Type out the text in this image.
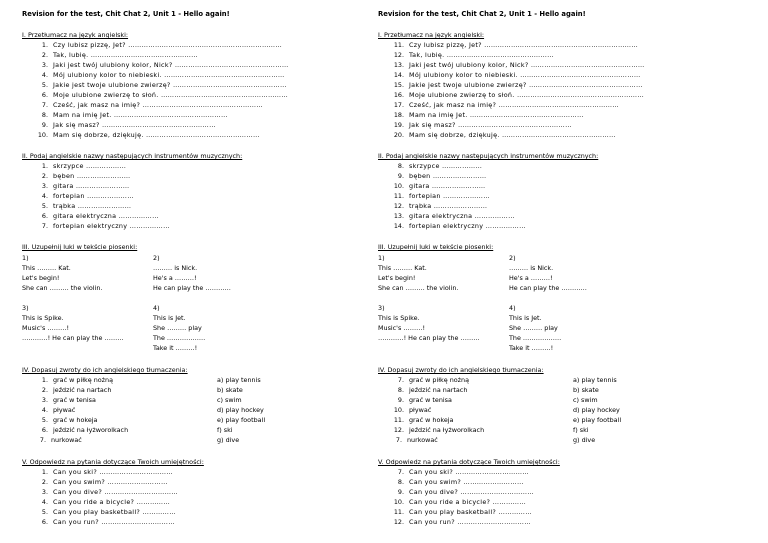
Revision for the test, Chit Chat 2, Unit 1 - Hello again!
I. Przetłumacz na język angielski:
1. Czy lubisz pizzę, Jet? ……………………………………………………………
2. Tak, lubię. …………………………………………
3. Jaki jest twój ulubiony kolor, Nick? ……………………………………………
4. Mój ulubiony kolor to niebieski. ………………………………………………
5. Jakie jest twoje ulubione zwierzę? ……………………………………………
6. Moje ulubione zwierzę to słoń. …………………………………………………
7. Cześć, jak masz na imię? ………………………………………………
8. Mam na imię Jet. ……………………………………………
9. Jak się masz? ……………………………………………
10. Mam się dobrze, dziękuję. ……………………………………………
II. Podaj angielskie nazwy następujących instrumentów muzycznych:
1. skrzypce ………………
2. bęben ……………………
3. gitara ……………………
4. fortepian …………………
5. trąbka ……………………
6. gitara elektryczna ………………
7. fortepian elektryczny ………………
III. Uzupełnij luki w tekście piosenki:
1)
This ……… Kat.
Let's begin!
She can ……… the violin.
2)
……… is Nick.
He's a ………!
He can play the …………
3)
This is Spike.
Music's ………!
…………! He can play the ………
4)
This is Jet.
She ……… play
The ………………
Take it ………!
IV. Dopasuj zwroty do ich angielskiego tłumaczenia:
1. grać w piłkę nożną
2. jeździć na nartach
3. grać w tenisa
4. pływać
5. grać w hokeja
6. jeździć na łyżworolkach
7. nurkować
a) play tennis
b) skate
c) swim
d) play hockey
e) play football
f) ski
g) dive
V. Odpowiedz na pytania dotyczące Twoich umiejętności:
1. Can you ski? ……………………………
2. Can you swim? ………………………
3. Can you dive? ……………………………
4. Can you ride a bicycle? ……………
5. Can you play basketball? ……………
6. Can you run? ……………………………
Revision for the test, Chit Chat 2, Unit 1 - Hello again!
I. Przetłumacz na język angielski:
11. Czy lubisz pizzę, Jet? ……………………………………………………………
12. Tak, lubię. …………………………………………
13. Jaki jest twój ulubiony kolor, Nick? ……………………………………………
14. Mój ulubiony kolor to niebieski. ………………………………………………
15. Jakie jest twoje ulubione zwierzę? ……………………………………………
16. Moje ulubione zwierzę to słoń. …………………………………………………
17. Cześć, jak masz na imię? ………………………………………………
18. Mam na imię Jet. ……………………………………………
19. Jak się masz? ……………………………………………
20. Mam się dobrze, dziękuję. ……………………………………………
II. Podaj angielskie nazwy następujących instrumentów muzycznych:
8. skrzypce ………………
9. bęben ……………………
10. gitara ……………………
11. fortepian …………………
12. trąbka ……………………
13. gitara elektryczna ………………
14. fortepian elektryczny ………………
III. Uzupełnij luki w tekście piosenki:
1)
This ……… Kat.
Let's begin!
She can ……… the violin.
2)
……… is Nick.
He's a ………!
He can play the …………
3)
This is Spike.
Music's ………!
…………! He can play the ………
4)
This is Jet.
She ……… play
The ………………
Take it ………!
IV. Dopasuj zwroty do ich angielskiego tłumaczenia:
7. grać w piłkę nożną
8. jeździć na nartach
9. grać w tenisa
10. pływać
11. grać w hokeja
12. jeździć na łyżworolkach
7. nurkować
a) play tennis
b) skate
c) swim
d) play hockey
e) play football
f) ski
g) dive
V. Odpowiedz na pytania dotyczące Twoich umiejętności:
7. Can you ski? ……………………………
8. Can you swim? ………………………
9. Can you dive? ……………………………
10. Can you ride a bicycle? ……………
11. Can you play basketball? ……………
12. Can you run? ……………………………
